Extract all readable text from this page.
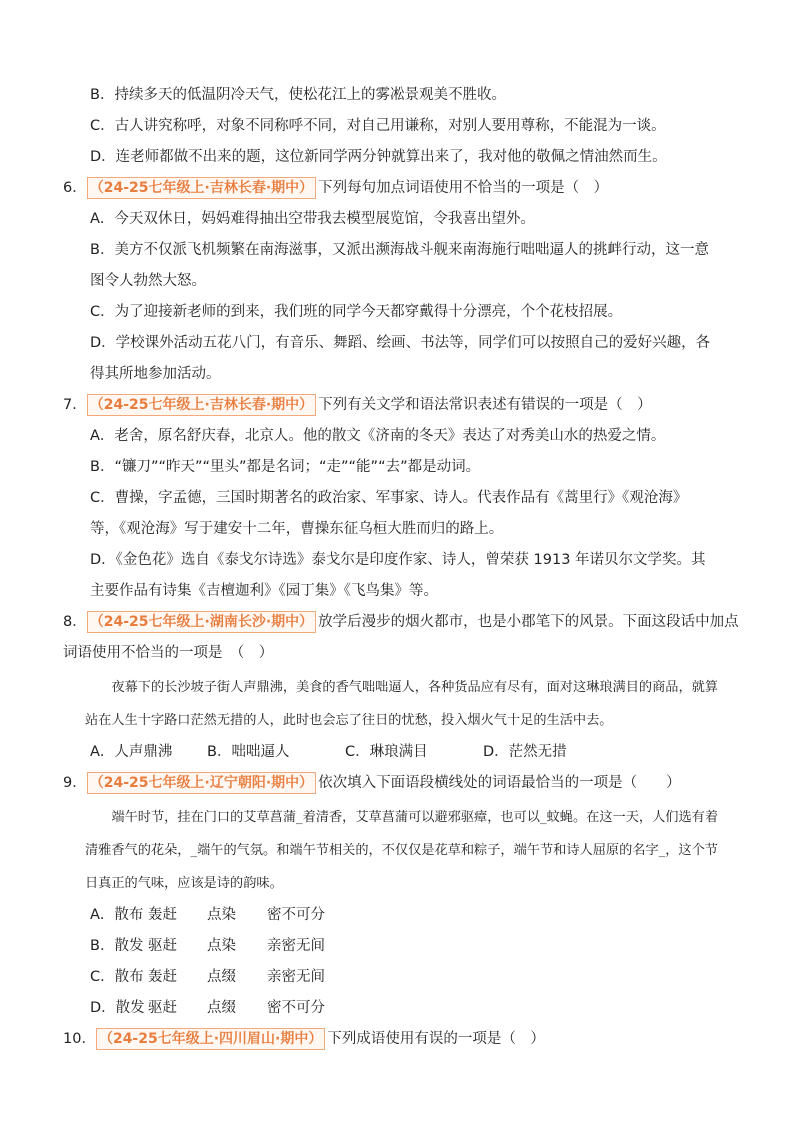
B．持续多天的低温阴冷天气，使松花江上的雾凇景观美不胜收。
C．古人讲究称呼，对象不同称呼不同，对自己用谦称，对别人要用尊称，不能混为一谈。
D．连老师都做不出来的题，这位新同学两分钟就算出来了，我对他的敬佩之情油然而生。
6． （24-25七年级上·吉林长春·期中） 下列每句加点词语使用不恰当的一项是（　）
A．今天双休日，妈妈难得抽出空带我去模型展览馆，令我喜出望外。
B．美方不仅派飞机频繁在南海滋事，又派出濒海战斗舰来南海施行咄咄逼人的挑衅行动，这一意图令人勃然大怒。
C．为了迎接新老师的到来，我们班的同学今天都穿戴得十分漂亮，个个花枝招展。
D．学校课外活动五花八门，有音乐、舞蹈、绘画、书法等，同学们可以按照自己的爱好兴趣，各得其所地参加活动。
7． （24-25七年级上·吉林长春·期中） 下列有关文学和语法常识表述有错误的一项是（　）
A．老舍，原名舒庆春，北京人。他的散文《济南的冬天》表达了对秀美山水的热爱之情。
B．“镰刀”“昨天”“里头”都是名词；“走”“能”“去”都是动词。
C．曹操，字孟德，三国时期著名的政治家、军事家、诗人。代表作品有《蒿里行》《观沧海》等，《观沧海》写于建安十二年，曹操东征乌桓大胜而归的路上。
D．《金色花》选自《泰戈尔诗选》泰戈尔是印度作家、诗人，曾荣获 1913 年诺贝尔文学奖。其主要作品有诗集《吉檀迦利》《园丁集》《飞鸟集》等。
8． （24-25七年级上·湖南长沙·期中） 放学后漫步的烟火都市，也是小郡笔下的风景。下面这段话中加点
词语使用不恰当的一项是　（　）
夜幕下的长沙坡子街人声鼎沸，美食的香气咄咄逼人，各种货品应有尽有，面对这琳琅满目的商品，就算站在人生十字路口茫然无措的人，此时也会忘了往日的忧愁，投入烟火气十足的生活中去。
A．人声鼎沸	B．咄咄逼人	C．琳琅满目	D．茫然无措
9． （24-25七年级上·辽宁朝阳·期中） 依次填入下面语段横线处的词语最恰当的一项是（　　）
端午时节，挂在门口的艾草菖蒲_着清香，艾草菖蒲可以避邪驱瘴，也可以_蚊蝇。在这一天，人们选有着清雅香气的花朵，_端午的气氛。和端午节相关的，不仅仅是花草和粽子，端午节和诗人屈原的名字_，这个节日真正的气味，应该是诗的韵味。
A．散布 轰赶 点染 密不可分
B．散发 驱赶 点染 亲密无间
C．散布 轰赶 点缀 亲密无间
D．散发 驱赶 点缀 密不可分
10． （24-25七年级上·四川眉山·期中） 下列成语使用有误的一项是（　）
